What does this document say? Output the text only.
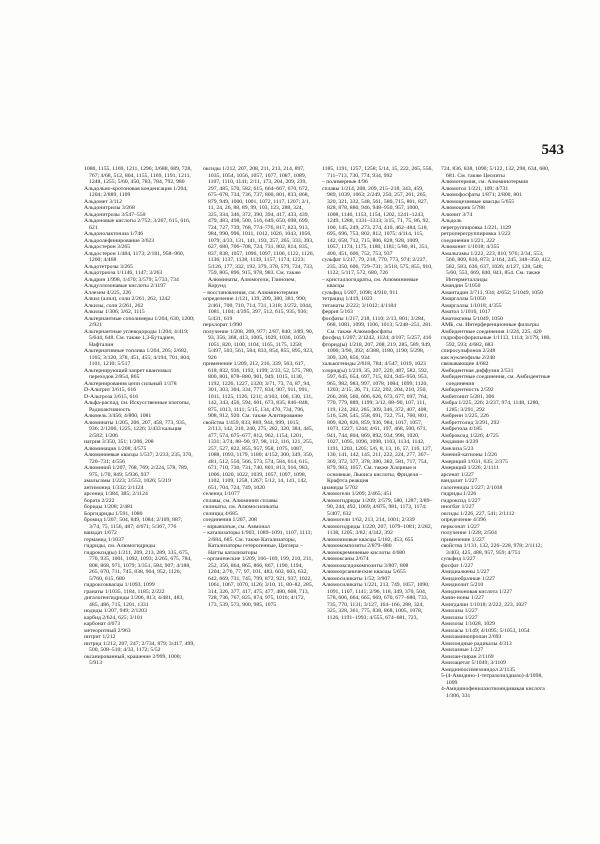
543

1080, 1155, 1169, 1211, 1296; 3/688, 689, 728, 767; 4/68, 512, 804, 1155, 1169, 1191, 1211, 1248, 1255; 5/60, 450, 783, 784, 792, 980

Альдольно-кротоновая конденсация 1/204, 1204; 2/889, 1109

Альдомет 3/112

Альдонитрилы 3/268

Альдонитрозы 3/547–550

Альдоновые кислоты 2/752; 3/267, 615, 616, 621

Альдонолактоназа 1/746

Альдоолефинирование 3/623

Альдостерон 3/265

Альдостерон 1/484, 1173; 2/181, 958–960, 1200; 4/468

Альдотетрозы 3/265

Альдотриоза 1/1146, 1147; 3/263

Альдрин 1/998, 1/470; 3/579; 5/733, 734

Альдуллозонавые кислоты 2/1197

Аллезим 4/225, 226

Алкил (алил), соли 2/261, 262, 1242

Алкилы, соли 2/261, 262

Алкилы 1/306; 3/62, 1115

Альтернантные сополимеры 1/204, 630, 1200; 2/921

Альтернантные углеводороды 1/204; 4/419; 5/644, 648. См. также 1,3-Бутадиен, Нафталин

Альтернативные топлива 1/204, 205; 2/682, 1165; 3/120, 378, 451, 455; 4/194, 701, 804, 1101, 1210; 5/517

Альтернирующий запрет квантовых переходов 2/854, 865

Альтернирования цепи сильный 1/378

D-Альтрит 3/615, 616

D-Альтроза 3/615, 616

Альфа-распад, см. Искусственные изотопы, Радиоактивность

Алюмель 3/456; 4/800, 1081

Алюминаты 1/205, 206, 207, 458, 773, 935, 936; 2/1206, 1225, 1226; 3/433 кальция 2/582; 1/206

натрия 3/350, 351; 1/206, 208

Алюминация 1/208; 4/575

Алюминиевые квасцы 1/537; 2/233, 235, 370, 720–731; 4/556

Алюминий 1/207, 768, 769; 2/224, 578, 789, 975, 1/70, 849; 5/936, 937

амальгамы 1/223; 3/553, 1026; 5/219

антимонид 1/332; 2/1124

арсенид 1/384, 385; 2/1124

бората 2/222

бориды 1/208; 2/481

Боргидриды 1/591, 1080

бромид 1/207, 504, 849, 1084; 2/109, 887; 3/74, 75, 1156, 487; 4/671; 5/367, 776

ванадат 1/672

германид 1/1037

гидриды, см. Алюмогидриды

гидроксид(ы) 1/211, 209, 213, 289, 335, 675, 770, 935, 1001, 1092, 1093; 2/265, 675, 784, 808, 868, 971, 1079; 3/351, 584, 907; 4/188, 265, 670, 711, 745, 838, 904, 952, 1126; 5/760, 615, 680

гидроксоквасцы 1/1093, 1099

гранаты 1/1035, 1184, 1185; 2/222

дигалогенгидриды 1/206, 813; 4/481, 483, 485, 486, 715, 1201, 1331

иодиды 1/207, 949; 2/1203

карбид 2/624, 625; 3/101

карбонат 4/673

метеоритный 2/963

нитрит 1/212

нитрид 1/212, 207, 247; 2/734, 879; 3/417, 499, 500, 508–510; 4/33, 1172; 5/52

оксанированный, крашение 2/999, 1000; 5/913

оксиды 1/212, 207, 208, 211, 213, 214, 897, 1035, 1054, 1056, 1057, 1077, 1087, 1089, 1107, 1110, 1141; 2/11, 173, 204, 209, 239, 297, 485, 570, 582, 615, 664–667, 670, 672, 675–678, 734, 736, 737, 800, 801, 833, 868, 879, 949, 1000, 1001, 1072, 1117, 1207; 3/1, 11, 24, 26, 88, 89, 99, 103, 123, 288, 324, 325, 334, 346, 372, 390, 394, 417, 433, 439, 479, 483, 498, 500, 516, 649, 650, 698, 699, 724, 727, 739, 768, 774–776, 817, 823, 913, 984, 990, 996, 1011, 1012, 1026, 1043, 1056, 1079; 4/33, 131, 141, 193, 257, 265, 333, 393, 627, 680, 706–708, 724, 731, 802, 814, 835, 837, 838, 1057, 1096, 1097, 1106, 1122, 1126, 1136, 1137, 1138, 1139, 1157, 1174, 1223; 5/126, 177, 332, 192, 379, 378, 579, 724, 733, 759, 805, 896, 915, 978, 983. См. также Алюминаты, Алюмогели, Глинозем, Корунд

– восстановления, см. Алюминотермия

определение 1/121, 139, 209, 380, 381, 990; 2/461, 700, 710, 714, 731, 1318; 3/272, 1044, 1081, 1104; 4/395, 397, 512, 615, 935, 936; 5/431, 619

перхлорат 1/990

получение 1/208, 209, 977; 2/87, 840; 3/89, 90, 93, 356, 368, 413, 1005, 1029, 1036, 1050, 1051, 820, 1100, 1104, 1165, 1175, 1258; 5/497, 503, 561, 584, 833, 854, 855, 895, 923, 926

применение 1/209, 212, 216, 339, 563, 617, 618, 832, 936, 1192, 1199; 2/33, 52, 575, 780, 800, 801, 878–880, 901, 949, 1015, 1130, 1192, 1226, 1227, 1320; 3/71, 73, 74, 87, 94, 301, 303, 304, 334, 777, 834, 907, 911, 991, 1011, 1125, 1126, 1211; 4/103, 106, 130, 131, 142, 343, 456, 594, 601, 673, 835, 846–848, 875, 1013, 1111; 5/15, 134, 470, 734, 796, 908, 912, 920. См. также Алитирование

свойства 1/459, 833, 869, 944, 999, 1015; 2/113, 142, 210, 240, 275, 282, 320, 384, 445, 477, 574, 675–677, 812, 962, 1154, 1201, 1331; 3/74, 88–90, 97, 98, 112, 116, 121, 255, 257, 527, 822, 855, 957, 958, 1075, 1087, 1088, 1093, 1179, 1180; 4/152, 300, 349, 350, 481, 512, 550, 566, 573, 574, 584, 614, 615, 671, 710, 730, 731, 740, 801, 813, 916, 983, 1006, 1020, 1022, 1039, 1057, 1097, 1098, 1102, 1109, 1258, 1267; 5/12, 14, 141, 142, 651, 704, 724, 749, 1020

селенид 1/1077

сплавы, см. Алюминия сплавы

силикаты, см. Алюмосиликаты

силицид 4/685

соединения 1/207, 208

– взрывчатые, см. Аммонал

– катализаторы 1/903, 1089–1091, 1107, 1113; 2/684, 685. См. также Катализаторы, Катализаторы гетерогенные, Циглера – Натты катализаторы

– органические 1/209, 166–169, 199, 210, 211, 252, 356, 864, 865, 866, 867, 1190, 1194, 1204; 2/76, 77, 97, 101, 483, 602, 603, 632, 642, 669, 731, 745, 799, 872, 921, 937, 1022, 1061, 1067, 1070, 1126; 3/10, 11, 80–82, 285, 314, 326, 377, 417, 475, 477, 480, 608, 713, 728, 736, 767, 825, 874, 975, 1016; 4/172, 173, 539, 573, 900, 985, 1075

1185, 1191, 1257, 1258; 5/14, 15, 222, 265, 556, 711–713, 730, 774, 934, 992

– полимерные 4/96

сплавы 1/214, 208, 209, 215–218, 343, 459, 989, 1039, 1063; 2/249, 250, 257, 261, 265, 320, 321, 332, 548, 561, 580, 715, 801, 827, 828, 878, 880, 946, 948–950, 957, 1000, 1008, 1146, 1153, 1154, 1202, 1241–1243, 1249, 1288, 1331–1333; 3/15, 71, 75, 86, 92, 100, 145, 249, 273, 274, 410, 462–484, 518, 695, 696, 753, 802, 812, 1075; 4/114, 115, 142, 658, 712, 715, 806, 828, 928, 1009, 1057, 1174, 1175, 1180, 1181; 5/80, 81, 351, 400, 451, 606, 752, 753, 937

сульфат 1/217, 79, 218, 770, 773, 974; 2/227, 235, 350, 606, 729–731; 3/518, 575, 855, 910, 1122; 5/117, 572, 680, 726

– кристаллогидраты, см. Алюминиевые квасцы

сульфид 1/207, 1098; 4/910, 911

тетрацид 1/419, 1023

титанаты 2/222; 3/1012; 4/1184

ферриt 5/163

фосфаты 1/217, 218, 1110; 2/13, 801; 3/284, 668, 1081, 1099, 1106, 1013; 5/248–251, 281. См. также Алюмофосфаты

фосфид 1/207; 2/1242, 1124; 4/107; 5/257, 416

фторид(ы) 1/218, 207, 208, 219, 285, 589, 949, 1006; 3/90, 392; 4/388, 1180, 1190; 5/298, 309, 320, 856, 934

халькогениды 2/618, 784; 4/547, 1019, 1023

хлорид(ы) 1/219, 35, 207, 220, 487, 582, 592, 597, 645, 654, 697, 715, 824, 945–950, 953, 965, 982, 983, 997, 1078, 1084, 1099, 1120, 1203; 2/15, 26, 71, 122, 202, 204, 210, 250, 266, 268, 560, 606, 626, 673, 677, 697, 764, 770, 779, 889, 1199; 3/12, 88–90, 107, 111, 119, 124, 282, 285, 309, 346, 372, 407, 408, 516, 528, 545, 558, 691, 722, 751, 760, 801, 809, 820, 826, 859, 936, 984, 1017, 1057, 1073, 1227, 1244; 4/61, 197, 468, 500, 671, 941, 744, 804, 869, 892, 934, 998, 1020, 1027, 1095, 1096, 1098, 1103, 1134, 1142, 1191, 1203, 1205; 5/6, 8, 13, 16, 57, 116, 127, 130, 141, 142, 145, 211, 222, 224, 277, 367–369, 372, 377, 378, 380, 382, 581, 717, 754, 879, 983, 1057. См. также Хлорные и основные, Льюиса кислоты, Фриделя – Крафтса реакция

цианиды 5/702

Алюмогели 1/209; 2/465, 451

Алюмогидриды 1/209; 2/579, 580, 1287; 3/89–90, 244, 492, 1069; 4/875, 981, 1173, 1174; 5/407, 632

Алюмогели 1/62, 213, 214, 1001; 2/339

Алюмогидриды 1/220, 207, 1079–1081; 2/282, 1138, 1205; 3/82; 4/342, 392

Алюмоиновые квасцы 5/182, 453, 655

Алюмокомпозиты 2/879–880

Алюмокремниевые кислоты 4/680

Алюмоксаны 2/674

Алюмооксидокомпозиты 3/807, 808

Алюмоорганические квасцы 5/655

Алюмосиликаты 1/52; 3/907

Алюмосиликаты 1/221, 213, 749, 1057, 1090, 1091, 1107, 1141; 2/96, 118, 349, 370, 504, 578, 606, 664, 665, 669, 670, 677–680, 733, 735, 770, 1131; 3/127, 164–166, 288, 324, 325, 328, 361, 775, 838, 868, 1005, 1078, 1126, 1191–1993; 4/555, 674–681, 723,

724, 836, 838, 1090; 5/122, 132, 298, 634, 680, 681. См. также Цеолиты

Алюмотермия, см. Алюминотермия

Алюмотол 1/221, 109; 4/731

Алюмофосфаты 1/871; 2/800, 801

Алюмоцезиевые квасцы 5/655

Алюмоцинк 5/788

Алюнит 3/74

Альдоль

перегруппировка 1/221, 1129

ретроперегруппировка 1/222

соединения 1/221, 222

Алюконит 1/1018; 4/355

Амальгамы 1/222, 223, 810, 976; 2/34, 553, 560, 809, 810, 873; 3/164, 245, 348–350, 412, 582, 583, 636, 637, 1026; 4/127, 128, 548; 5/60, 553, 669, 840, 841, 854. См. также Интерметаллиды

Амандин 5/1050

Амантадин 3/711, 934; 4/652; 5/1049, 1050

Амаргаллы 5/1050

Амаргаллы 1/1018; 4/355

Аматол 1/1016, 1017

Аматоксины 5/1049, 1050

АМБ, см. Интерференционные фильтры

Амбидентные соединения 1/224, 225, 420

гидрофосфорильные 1/1113, 1114; 3/179, 180, 592, 593; 4/682, 683

спиросульфонов 2/248

как нуклеофилы 2/248

связывающие 4/682

Амбидентная диффузия 2/531

Амбидентные соединения, см. Амбидентные соединения

Амбидентность 2/592

Амбитонит 5/281, 306

Амбра 1/225, 226; 2/237, 974, 1148, 1280, 1285; 3/291, 292

Амбреин 1/225, 226

Амбреттолид 3/291, 292

Амбретола 4/185

Амброксид 1/226; 4/725

Амдамин 4/239

Амелиза 5/23

Амений-катионы 1/226

Америций 1/031, 635; 2/375

Америций 1/226; 2/1111

арсенат 1/227

вандалит 1/227

галогениды 1/227; 2/1038

гидриды 1/226

гидроксид 1/227

иногбат 1/227

оксиды 1/226, 227, 541; 2/1112

определение 4/396

перксонат 1/227

получение 1/228; 2/564

применение 1/227

свойства 1/131, 132, 226–228, 978; 2/1112; 3/403, 425, 488, 957, 959; 4/751

сульфид 1/227

фосфат 1/227

Амидиалкены 1/227

Амидиобразные 1/227

Амидиолит 5/210

Амидиноновая кислота 1/227

Амин-ионы 1/227

Амигдалин 1/1018; 2/222, 223, 1027

Амилазы 1/227

Амилазы 1/227

Амилозы 1/1028, 1029

Амиласы 1/149; 4/1095; 5/1053, 1054

Амиламинопропан 2/693

Амилоидные радикалы 4/313

Амилазные 1/227

Амилан-пиран 2/1169

Амилацетат 5/1049; 3/1109

Амидиноосимезоиндол 2/1135

5-(4-Амидино-1-тетразолилдиазо)-4/1098, 1099

4-Амидинофенилазотиоиндивакая кислота 1/306, 331
